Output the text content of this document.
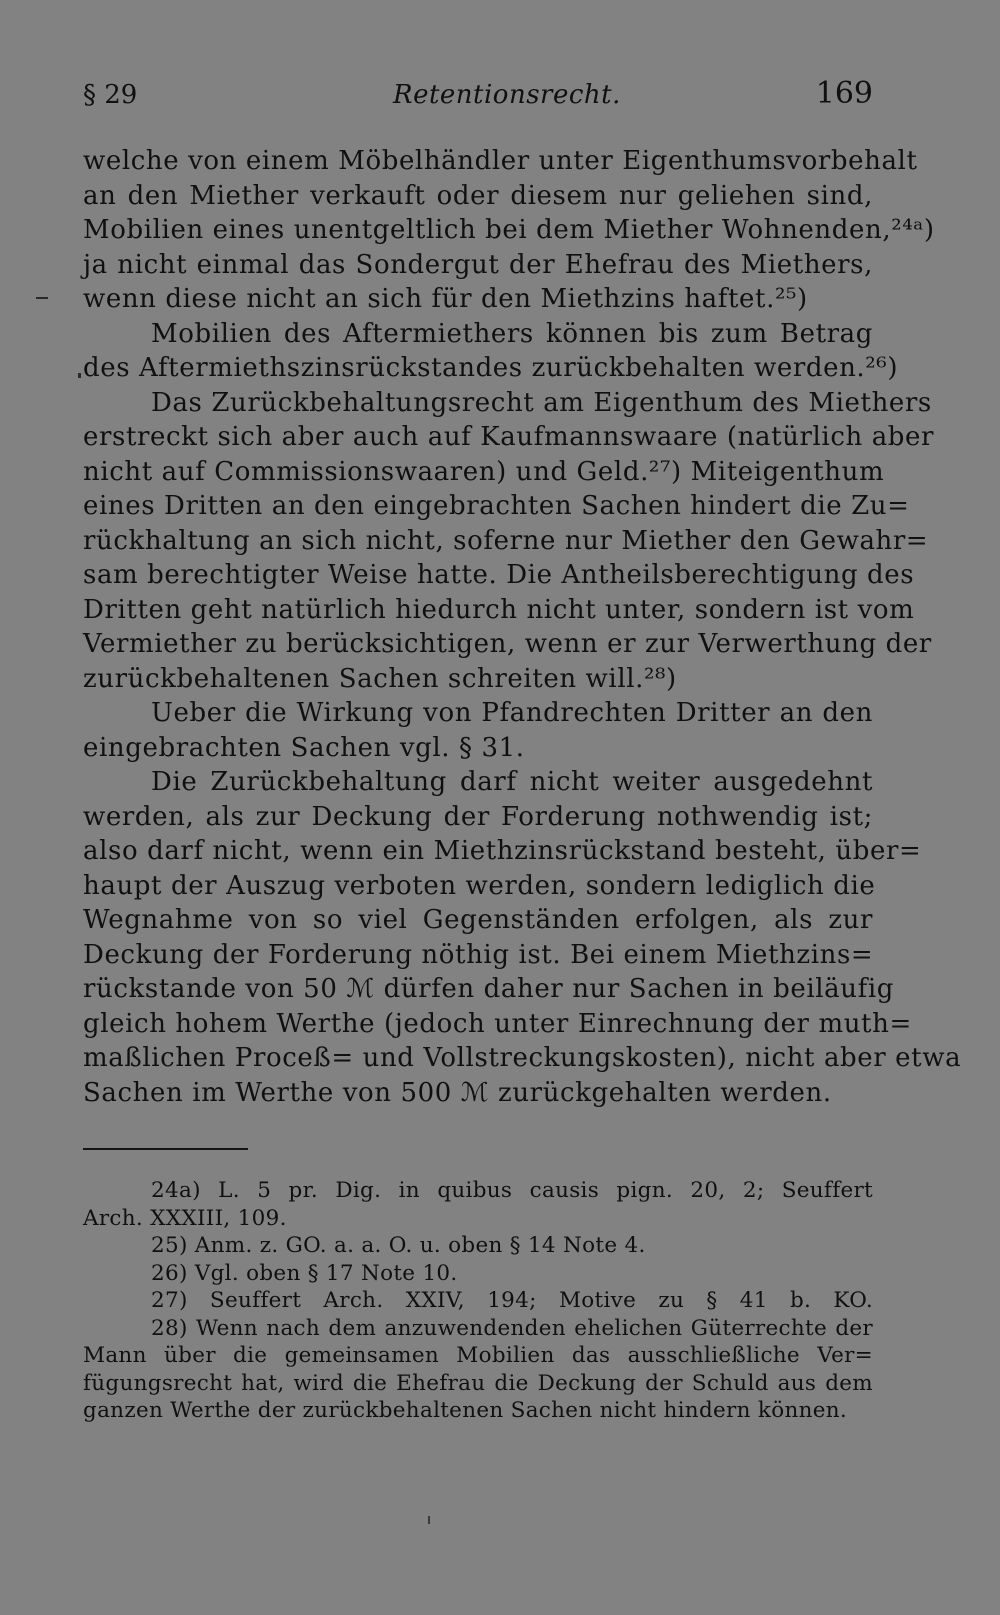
§ 29	Retentionsrecht.	169
welche von einem Möbelhändler unter Eigenthumsvorbehalt
an den Miether verkauft oder diesem nur geliehen sind,
Mobilien eines unentgeltlich bei dem Miether Wohnenden,²⁴ᵃ)
ja nicht einmal das Sondergut der Ehefrau des Miethers,
wenn diese nicht an sich für den Miethzins haftet.²⁵)
Mobilien des Aftermiethers können bis zum Betrag
des Aftermiethszinsrückstandes zurückbehalten werden.²⁶)
Das Zurückbehaltungsrecht am Eigenthum des Miethers
erstreckt sich aber auch auf Kaufmannswaare (natürlich aber
nicht auf Commissionswaaren) und Geld.²⁷) Miteigenthum
eines Dritten an den eingebrachten Sachen hindert die Zu=
rückhaltung an sich nicht, soferne nur Miether den Gewahr=
sam berechtigter Weise hatte. Die Antheilsberechtigung des
Dritten geht natürlich hiedurch nicht unter, sondern ist vom
Vermiether zu berücksichtigen, wenn er zur Verwerthung der
zurückbehaltenen Sachen schreiten will.²⁸)
Ueber die Wirkung von Pfandrechten Dritter an den
eingebrachten Sachen vgl. § 31.
Die Zurückbehaltung darf nicht weiter ausgedehnt
werden, als zur Deckung der Forderung nothwendig ist;
also darf nicht, wenn ein Miethzinsrückstand besteht, über=
haupt der Auszug verboten werden, sondern lediglich die
Wegnahme von so viel Gegenständen erfolgen, als zur
Deckung der Forderung nöthig ist. Bei einem Miethzins=
rückstande von 50 ℳ dürfen daher nur Sachen in beiläufig
gleich hohem Werthe (jedoch unter Einrechnung der muth=
maßlichen Proceß= und Vollstreckungskosten), nicht aber etwa
Sachen im Werthe von 500 ℳ zurückgehalten werden.
24a) L. 5 pr. Dig. in quibus causis pign. 20, 2; Seuffert
Arch. XXXIII, 109.
25) Anm. z. GO. a. a. O. u. oben § 14 Note 4.
26) Vgl. oben § 17 Note 10.
27) Seuffert Arch. XXIV, 194; Motive zu § 41 b. KO.
28) Wenn nach dem anzuwendenden ehelichen Güterrechte der
Mann über die gemeinsamen Mobilien das ausschließliche Ver=
fügungsrecht hat, wird die Ehefrau die Deckung der Schuld aus dem
ganzen Werthe der zurückbehaltenen Sachen nicht hindern können.
